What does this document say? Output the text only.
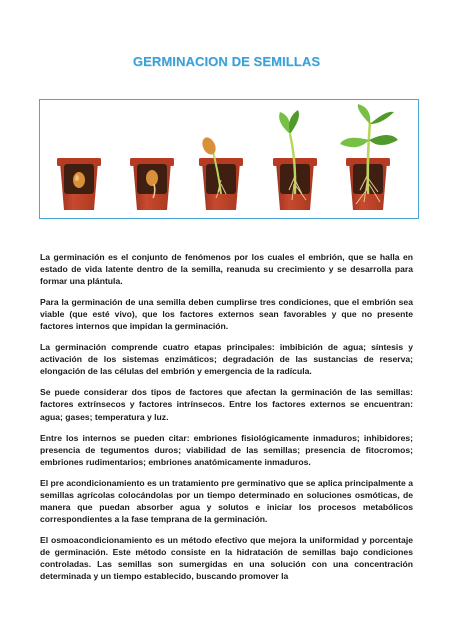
GERMINACION DE SEMILLAS

La germinación es el conjunto de fenómenos por los cuales el embrión, que se halla en estado de vida latente dentro de la semilla, reanuda su crecimiento y se desarrolla para formar una plántula.

Para la germinación de una semilla deben cumplirse tres condiciones, que el embrión sea viable (que esté vivo), que los factores externos sean favorables y que no presente factores internos que impidan la germinación.

La germinación comprende cuatro etapas principales: imbibición de agua; síntesis y activación de los sistemas enzimáticos; degradación de las sustancias de reserva; elongación de las células del embrión y emergencia de la radícula.

Se puede considerar dos tipos de factores que afectan la germinación de las semillas: factores extrínsecos y factores intrínsecos. Entre los factores externos se encuentran: agua; gases; temperatura y luz.

Entre los internos se pueden citar: embriones fisiológicamente inmaduros; inhibidores; presencia de tegumentos duros; viabilidad de las semillas; presencia de fitocromos; embriones rudimentarios; embriones anatómicamente inmaduros.

El pre acondicionamiento es un tratamiento pre germinativo que se aplica principalmente a semillas agrícolas colocándolas por un tiempo determinado en soluciones osmóticas, de manera que puedan absorber agua y solutos e iniciar los procesos metabólicos correspondientes a la fase temprana de la germinación.

El osmoacondicionamiento es un método efectivo que mejora la uniformidad y porcentaje de germinación. Este método consiste en la hidratación de semillas bajo condiciones controladas. Las semillas son sumergidas en una solución con una concentración determinada y un tiempo establecido, buscando promover la
